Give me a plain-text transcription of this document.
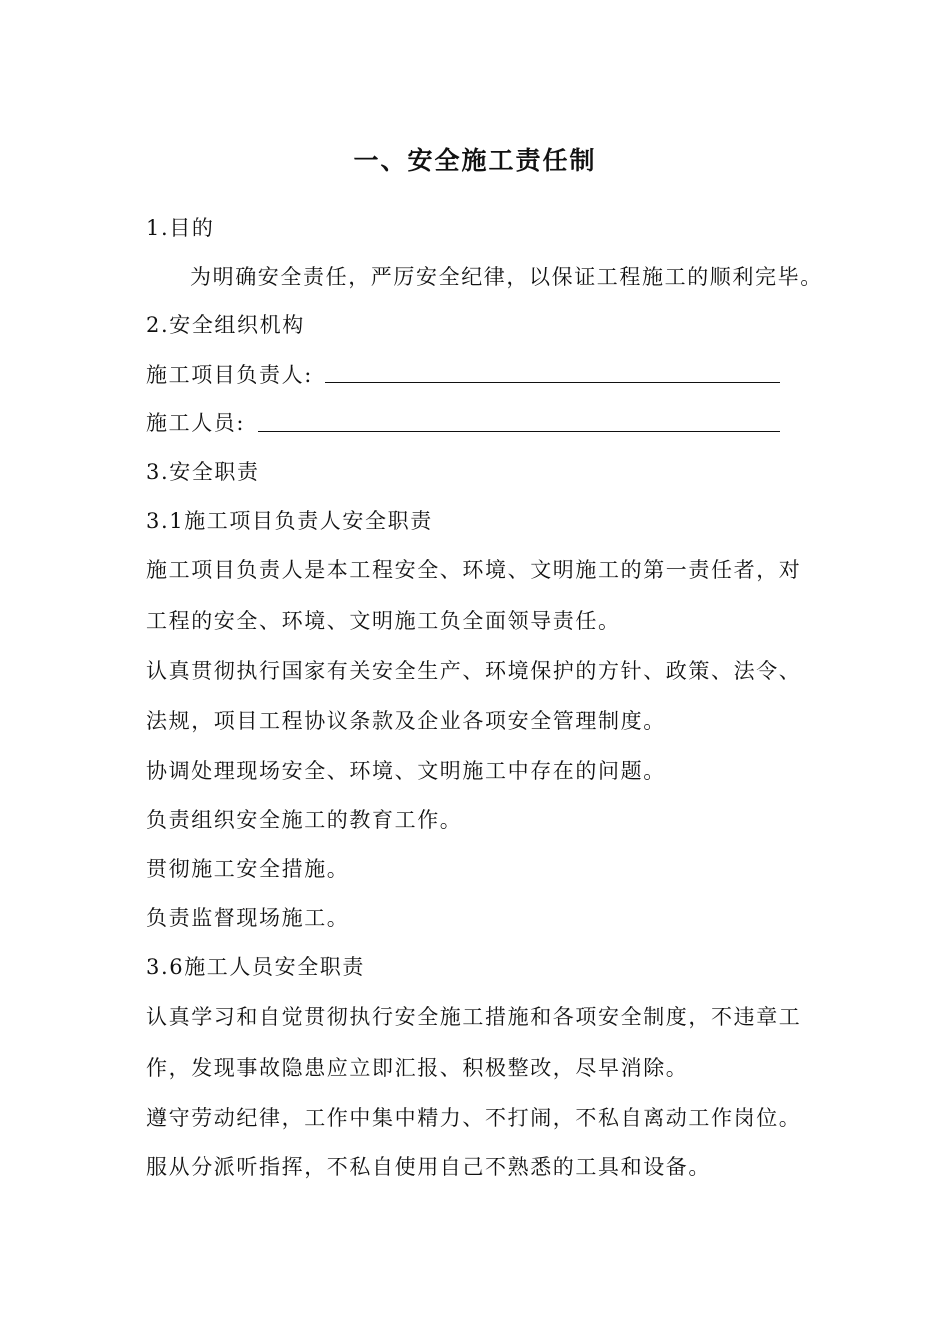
一、安全施工责任制
1.目的
为明确安全责任，严厉安全纪律，以保证工程施工的顺利完毕。
2.安全组织机构
施工项目负责人:
施工人员:
3.安全职责
3.1施工项目负责人安全职责
施工项目负责人是本工程安全、环境、文明施工的第一责任者，对
工程的安全、环境、文明施工负全面领导责任。
认真贯彻执行国家有关安全生产、环境保护的方针、政策、法令、
法规，项目工程协议条款及企业各项安全管理制度。
协调处理现场安全、环境、文明施工中存在的问题。
负责组织安全施工的教育工作。
贯彻施工安全措施。
负责监督现场施工。
3.6施工人员安全职责
认真学习和自觉贯彻执行安全施工措施和各项安全制度，不违章工
作，发现事故隐患应立即汇报、积极整改，尽早消除。
遵守劳动纪律，工作中集中精力、不打闹，不私自离动工作岗位。
服从分派听指挥，不私自使用自己不熟悉的工具和设备。
